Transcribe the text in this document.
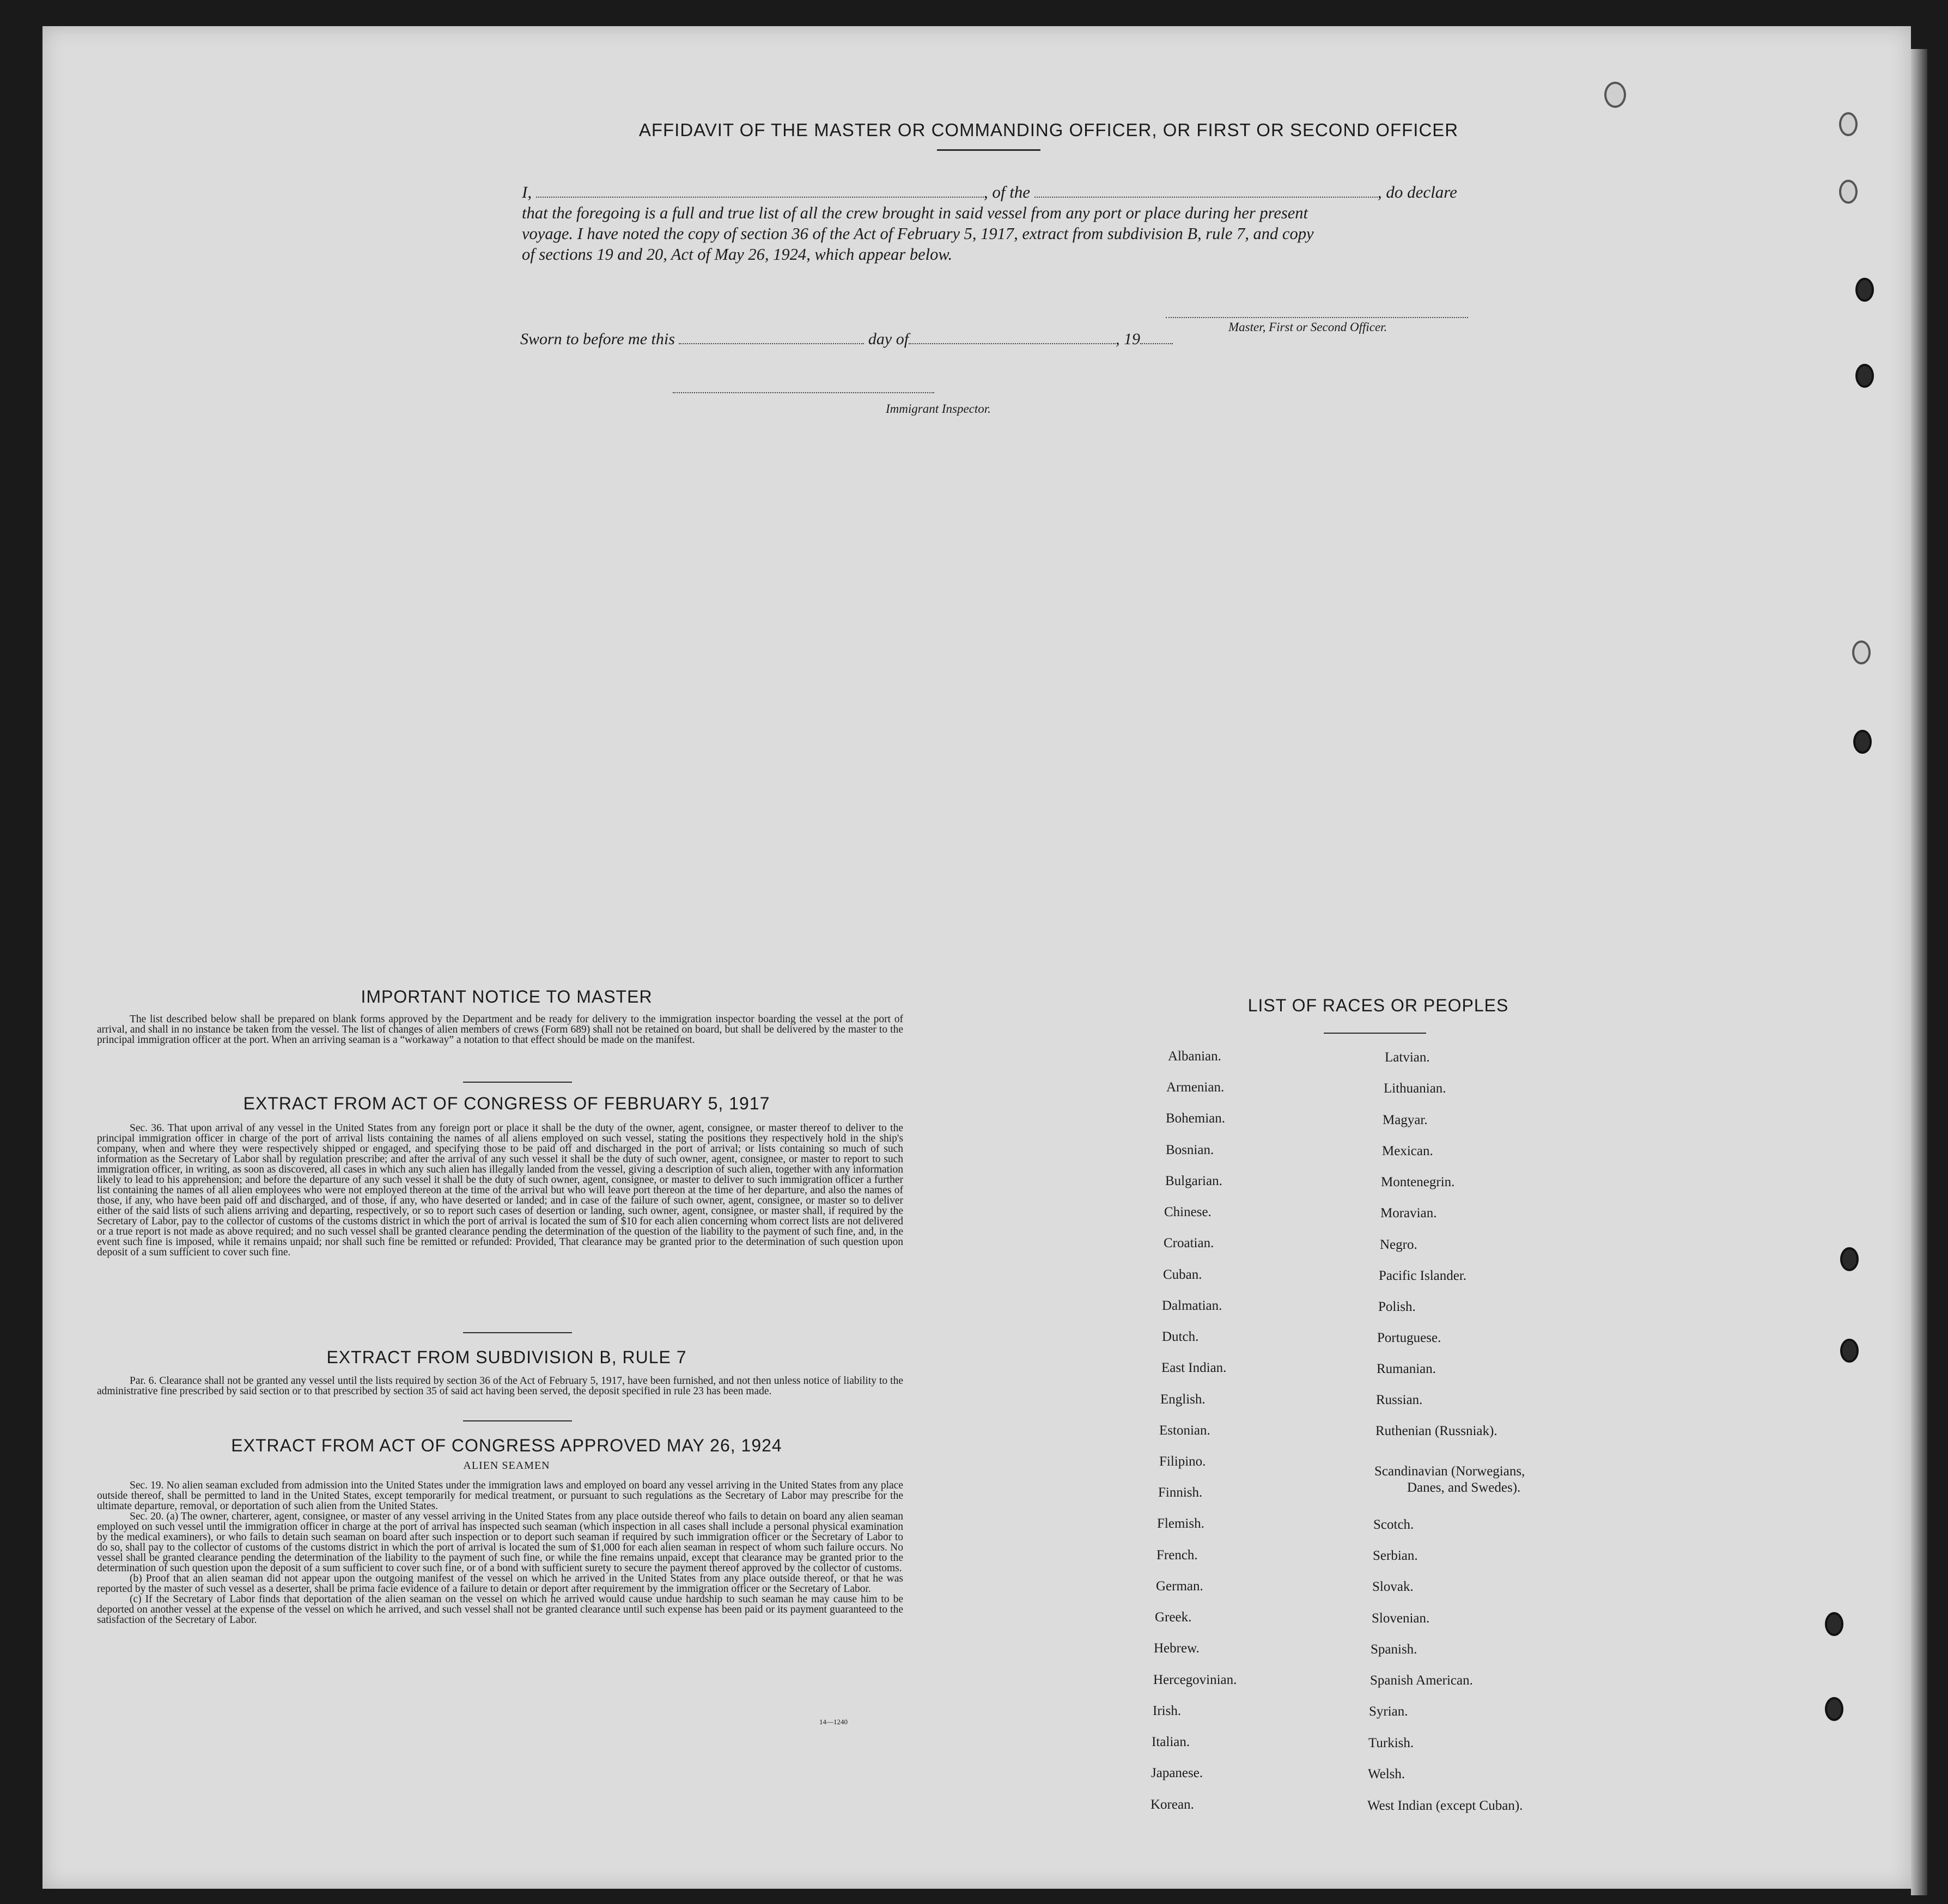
AFFIDAVIT OF THE MASTER OR COMMANDING OFFICER, OR FIRST OR SECOND OFFICER
I,	, of the	, do declare
that the foregoing is a full and true list of all the crew brought in said vessel from any port or place during her present
voyage. I have noted the copy of section 36 of the Act of February 5, 1917, extract from subdivision B, rule 7, and copy
of sections 19 and 20, Act of May 26, 1924, which appear below.
Master, First or Second Officer.
Sworn to before me this	day of	, 19
Immigrant Inspector.
IMPORTANT NOTICE TO MASTER
The list described below shall be prepared on blank forms approved by the Department and be ready for delivery to the immigration inspector boarding the vessel at the port of arrival, and shall in no instance be taken from the vessel. The list of changes of alien members of crews (Form 689) shall not be retained on board, but shall be delivered by the master to the principal immigration officer at the port. When an arriving seaman is a “workaway” a notation to that effect should be made on the manifest.
EXTRACT FROM ACT OF CONGRESS OF FEBRUARY 5, 1917
Sec. 36. That upon arrival of any vessel in the United States from any foreign port or place it shall be the duty of the owner, agent, consignee, or master thereof to deliver to the principal immigration officer in charge of the port of arrival lists containing the names of all aliens employed on such vessel, stating the positions they respectively hold in the ship's company, when and where they were respectively shipped or engaged, and specifying those to be paid off and discharged in the port of arrival; or lists containing so much of such information as the Secretary of Labor shall by regulation prescribe; and after the arrival of any such vessel it shall be the duty of such owner, agent, consignee, or master to report to such immigration officer, in writing, as soon as discovered, all cases in which any such alien has illegally landed from the vessel, giving a description of such alien, together with any information likely to lead to his apprehension; and before the departure of any such vessel it shall be the duty of such owner, agent, consignee, or master to deliver to such immigration officer a further list containing the names of all alien employees who were not employed thereon at the time of the arrival but who will leave port thereon at the time of her departure, and also the names of those, if any, who have been paid off and discharged, and of those, if any, who have deserted or landed; and in case of the failure of such owner, agent, consignee, or master so to deliver either of the said lists of such aliens arriving and departing, respectively, or so to report such cases of desertion or landing, such owner, agent, consignee, or master shall, if required by the Secretary of Labor, pay to the collector of customs of the customs district in which the port of arrival is located the sum of $10 for each alien concerning whom correct lists are not delivered or a true report is not made as above required; and no such vessel shall be granted clearance pending the determination of the question of the liability to the payment of such fine, and, in the event such fine is imposed, while it remains unpaid; nor shall such fine be remitted or refunded: Provided, That clearance may be granted prior to the determination of such question upon deposit of a sum sufficient to cover such fine.
EXTRACT FROM SUBDIVISION B, RULE 7
Par. 6. Clearance shall not be granted any vessel until the lists required by section 36 of the Act of February 5, 1917, have been furnished, and not then unless notice of liability to the administrative fine prescribed by said section or to that prescribed by section 35 of said act having been served, the deposit specified in rule 23 has been made.
EXTRACT FROM ACT OF CONGRESS APPROVED MAY 26, 1924
ALIEN SEAMEN
Sec. 19. No alien seaman excluded from admission into the United States under the immigration laws and employed on board any vessel arriving in the United States from any place outside thereof, shall be permitted to land in the United States, except temporarily for medical treatment, or pursuant to such regulations as the Secretary of Labor may prescribe for the ultimate departure, removal, or deportation of such alien from the United States.
Sec. 20. (a) The owner, charterer, agent, consignee, or master of any vessel arriving in the United States from any place outside thereof who fails to detain on board any alien seaman employed on such vessel until the immigration officer in charge at the port of arrival has inspected such seaman (which inspection in all cases shall include a personal physical examination by the medical examiners), or who fails to detain such seaman on board after such inspection or to deport such seaman if required by such immigration officer or the Secretary of Labor to do so, shall pay to the collector of customs of the customs district in which the port of arrival is located the sum of $1,000 for each alien seaman in respect of whom such failure occurs. No vessel shall be granted clearance pending the determination of the liability to the payment of such fine, or while the fine remains unpaid, except that clearance may be granted prior to the determination of such question upon the deposit of a sum sufficient to cover such fine, or of a bond with sufficient surety to secure the payment thereof approved by the collector of customs.
(b) Proof that an alien seaman did not appear upon the outgoing manifest of the vessel on which he arrived in the United States from any place outside thereof, or that he was reported by the master of such vessel as a deserter, shall be prima facie evidence of a failure to detain or deport after requirement by the immigration officer or the Secretary of Labor.
(c) If the Secretary of Labor finds that deportation of the alien seaman on the vessel on which he arrived would cause undue hardship to such seaman he may cause him to be deported on another vessel at the expense of the vessel on which he arrived, and such vessel shall not be granted clearance until such expense has been paid or its payment guaranteed to the satisfaction of the Secretary of Labor.
14—1240
LIST OF RACES OR PEOPLES
Albanian.
Armenian.
Bohemian.
Bosnian.
Bulgarian.
Chinese.
Croatian.
Cuban.
Dalmatian.
Dutch.
East Indian.
English.
Estonian.
Filipino.
Finnish.
Flemish.
French.
German.
Greek.
Hebrew.
Hercegovinian.
Irish.
Italian.
Japanese.
Korean.
Latvian.
Lithuanian.
Magyar.
Mexican.
Montenegrin.
Moravian.
Negro.
Pacific Islander.
Polish.
Portuguese.
Rumanian.
Russian.
Ruthenian (Russniak).
Scandinavian (Norwegians,
Danes, and Swedes).
Scotch.
Serbian.
Slovak.
Slovenian.
Spanish.
Spanish American.
Syrian.
Turkish.
Welsh.
West Indian (except Cuban).
